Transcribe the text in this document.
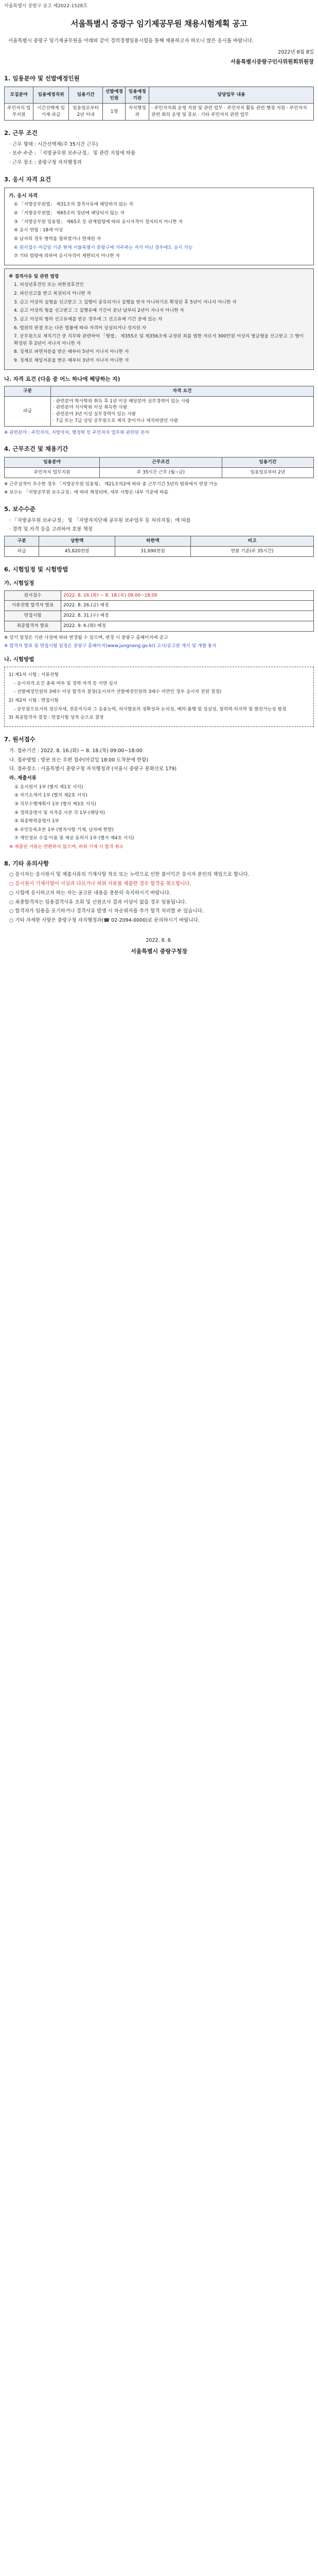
서울특별시 중랑구 공고 제2022-1528호
서울특별시 중랑구 임기제공무원 채용시험계획 공고

서울특별시 중랑구 임기제공무원을 아래와 같이 경력경쟁임용시험을 통해 채용하고자 하오니 많은 응시를 바랍니다.

2022년 8월 8일
서울특별시중랑구인사위원회위원장
1. 임용분야 및 선발예정인원
모집분야	임용예정직위	임용기간	선발예정인원	임용예정 기관	담당업무 내용
주민자치 업무지원	시간선택제 임기제 라급	임용일로부터 2년 이내	1명	자치행정과	· 주민자치회 운영 지원 및 관련 업무 · 주민자치 활동 관련 행정 지원 · 주민자치 관련 회의 운영 및 홍보 · 기타 주민자치 관련 업무
2. 근무 조건
· 근무 형태 : 시간선택제(주 35시간 근무)
· 보수 수준 : 「지방공무원 보수규정」 및 관련 지침에 따름
· 근무 장소 : 중랑구청 자치행정과
3. 응시 자격 요건
가. 응시 자격
① 「지방공무원법」 제31조의 결격사유에 해당하지 않는 자
② 「지방공무원법」 제65조의 정년에 해당되지 않는 자
③ 「지방공무원 임용령」 제65조 등 관계법령에 따라 응시자격이 정지되지 아니한 자
④ 응시 연령 : 18세 이상
⑤ 남자의 경우 병역을 필하였거나 면제된 자
⑥ 원서접수 마감일 기준 현재 서울특별시 중랑구에 거주하는 자가 아닌 경우에도 응시 가능
⑦ 기타 법령에 의하여 응시자격이 제한되지 아니한 자
※ 결격사유 및 관련 법령
1. 피성년후견인 또는 피한정후견인
2. 파산선고를 받고 복권되지 아니한 자
3. 금고 이상의 실형을 선고받고 그 집행이 종료되거나 집행을 받지 아니하기로 확정된 후 5년이 지나지 아니한 자
4. 금고 이상의 형을 선고받고 그 집행유예 기간이 끝난 날부터 2년이 지나지 아니한 자
5. 금고 이상의 형의 선고유예를 받은 경우에 그 선고유예 기간 중에 있는 자
6. 법원의 판결 또는 다른 법률에 따라 자격이 상실되거나 정지된 자
7. 공무원으로 재직기간 중 직무와 관련하여 「형법」 제355조 및 제356조에 규정된 죄를 범한 자로서 300만원 이상의 벌금형을 선고받고 그 형이 확정된 후 2년이 지나지 아니한 자
8. 징계로 파면처분을 받은 때부터 5년이 지나지 아니한 자
9. 징계로 해임처분을 받은 때부터 3년이 지나지 아니한 자
나. 자격 요건 (다음 중 어느 하나에 해당하는 자)
구분	자격 요건
라급	· 관련분야 학사학위 취득 후 1년 이상 해당분야 실무경력이 있는 사람
· 관련분야 석사학위 이상 취득한 사람
· 관련분야 3년 이상 실무경력이 있는 사람
· 7급 또는 7급 상당 공무원으로 재직 중이거나 재직하였던 사람
※ 관련분야 : 주민자치, 지방자치, 행정학 등 주민자치 업무와 관련된 분야
4. 근무조건 및 채용기간
임용분야	근무조건	임용기간
주민자치 업무지원	주 35시간 근무 (월~금)	임용일로부터 2년
※ 근무실적이 우수한 경우 「지방공무원 임용령」 제21조의2에 따라 총 근무기간 5년의 범위에서 연장 가능
※ 보수는 「지방공무원 보수규정」에 따라 책정되며, 세부 사항은 내부 기준에 따름
5. 보수수준
· 「지방공무원 보수규정」 및 「지방자치단체 공무원 보수업무 등 처리지침」에 따름
· 경력 및 자격 등을 고려하여 호봉 책정
구분	상한액	하한액	비고
라급	45,820천원	31,690천원	연봉 기준(주 35시간)
6. 시험일정 및 시험방법
가. 시험일정
원서접수	2022. 8. 16.(화) ~ 8. 18.(목) 09:00~18:00
서류전형 합격자 발표	2022. 8. 26.(금) 예정
면접시험	2022. 8. 31.(수) 예정
최종합격자 발표	2022. 9. 6.(화) 예정
※ 상기 일정은 기관 사정에 따라 변경될 수 있으며, 변경 시 중랑구 홈페이지에 공고
※ 합격자 발표 및 면접시험 일정은 중랑구 홈페이지(www.jungnang.go.kr) 고시/공고란 게시 및 개별 통지
나. 시험방법
1) 제1차 시험 : 서류전형
- 응시자격 요건 충족 여부 및 경력·자격 등 서면 심사
- 선발예정인원의 3배수 이상 합격자 결정(응시자가 선발예정인원의 3배수 미만인 경우 응시자 전원 결정)
2) 제2차 시험 : 면접시험
- 공무원으로서의 정신자세, 전문지식과 그 응용능력, 의사발표의 정확성과 논리성, 예의·품행 및 성실성, 창의력·의지력 및 발전가능성 평정
3) 최종합격자 결정 : 면접시험 성적 순으로 결정
7. 원서접수
가. 접수기간 : 2022. 8. 16.(화) ~ 8. 18.(목) 09:00~18:00
나. 접수방법 : 방문 또는 우편 접수(마감일 18:00 도착분에 한함)
다. 접수장소 : 서울특별시 중랑구청 자치행정과 (서울시 중랑구 봉화산로 179)
라. 제출서류
① 응시원서 1부 (별지 제1호 서식)
② 자기소개서 1부 (별지 제2호 서식)
③ 직무수행계획서 1부 (별지 제3호 서식)
④ 경력증명서 및 자격증 사본 각 1부 (해당자)
⑤ 최종학력증명서 1부
⑥ 주민등록초본 1부 (병적사항 기재, 남자에 한함)
⑦ 개인정보 수집·이용 및 제공 동의서 1부 (별지 제4호 서식)
※ 제출된 서류는 반환하지 않으며, 허위 기재 시 합격 취소
8. 기타 유의사항
○ 응시자는 응시원서 및 제출서류의 기재사항 착오 또는 누락으로 인한 불이익은 응시자 본인의 책임으로 합니다.
○ 응시원서 기재사항이 사실과 다르거나 허위 서류를 제출한 경우 합격을 취소합니다.
○ 시험에 응시하고자 하는 자는 공고문 내용을 충분히 숙지하시기 바랍니다.
○ 최종합격자는 임용결격사유 조회 및 신원조사 결과 이상이 없을 경우 임용됩니다.
○ 합격자가 임용을 포기하거나 결격사유 발생 시 차순위자를 추가 합격 처리할 수 있습니다.
○ 기타 자세한 사항은 중랑구청 자치행정과(☎ 02-2094-0000)로 문의하시기 바랍니다.
2022. 8. 8.
서울특별시 중랑구청장
